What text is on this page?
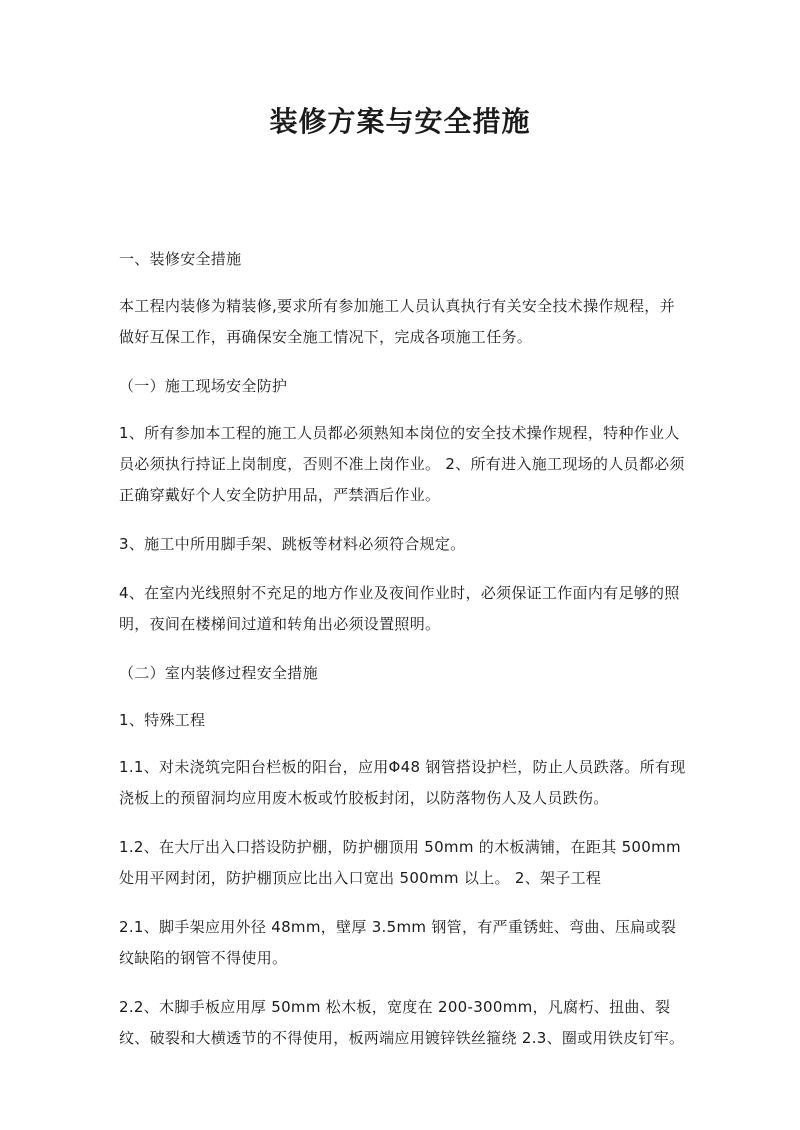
装修方案与安全措施

一、装修安全措施

本工程内装修为精装修,要求所有参加施工人员认真执行有关安全技术操作规程，并做好互保工作，再确保安全施工情况下，完成各项施工任务。

（一）施工现场安全防护

1、所有参加本工程的施工人员都必须熟知本岗位的安全技术操作规程，特种作业人员必须执行持证上岗制度，否则不准上岗作业。 2、所有进入施工现场的人员都必须正确穿戴好个人安全防护用品，严禁酒后作业。

3、施工中所用脚手架、跳板等材料必须符合规定。

4、在室内光线照射不充足的地方作业及夜间作业时，必须保证工作面内有足够的照明，夜间在楼梯间过道和转角出必须设置照明。

（二）室内装修过程安全措施

1、特殊工程

1.1、对未浇筑完阳台栏板的阳台，应用Φ48 钢管搭设护栏，防止人员跌落。所有现浇板上的预留洞均应用废木板或竹胶板封闭，以防落物伤人及人员跌伤。

1.2、在大厅出入口搭设防护棚，防护棚顶用 50mm 的木板满铺，在距其 500mm 处用平网封闭，防护棚顶应比出入口宽出 500mm 以上。 2、架子工程

2.1、脚手架应用外径 48mm，壁厚 3.5mm 钢管，有严重锈蛀、弯曲、压扁或裂纹缺陷的钢管不得使用。

2.2、木脚手板应用厚 50mm 松木板，宽度在 200-300mm，凡腐朽、扭曲、裂纹、破裂和大横透节的不得使用，板两端应用镀锌铁丝箍绕 2.3、圈或用铁皮钉牢。
